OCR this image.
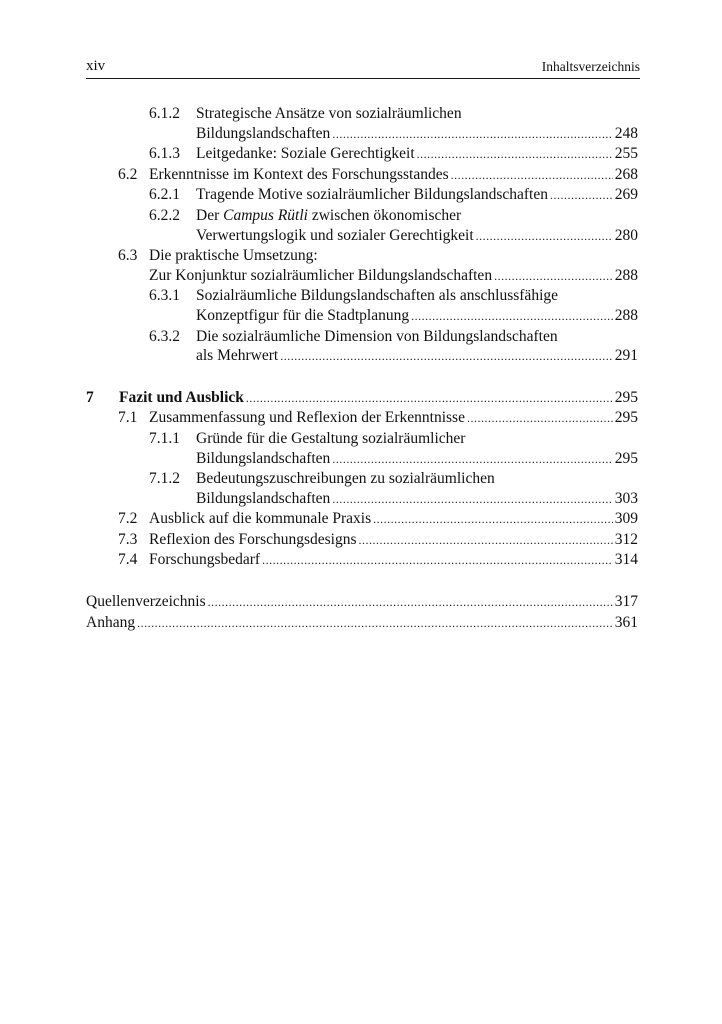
xiv	Inhaltsverzeichnis
6.1.2	Strategische Ansätze von sozialräumlichen
Bildungslandschaften .....	248
6.1.3	Leitgedanke: Soziale Gerechtigkeit .....	255
6.2 Erkenntnisse im Kontext des Forschungsstandes .....	268
6.2.1	Tragende Motive sozialräumlicher Bildungslandschaften .....	269
6.2.2	Der Campus Rütli zwischen ökonomischer
Verwertungslogik und sozialer Gerechtigkeit .....	280
6.3 Die praktische Umsetzung:
Zur Konjunktur sozialräumlicher Bildungslandschaften .....	288
6.3.1	Sozialräumliche Bildungslandschaften als anschlussfähige
Konzeptfigur für die Stadtplanung .....	288
6.3.2	Die sozialräumliche Dimension von Bildungslandschaften
als Mehrwert .....	291
7	Fazit und Ausblick .....	295
7.1 Zusammenfassung und Reflexion der Erkenntnisse .....	295
7.1.1	Gründe für die Gestaltung sozialräumlicher
Bildungslandschaften .....	295
7.1.2	Bedeutungszuschreibungen zu sozialräumlichen
Bildungslandschaften .....	303
7.2 Ausblick auf die kommunale Praxis .....	309
7.3 Reflexion des Forschungsdesigns .....	312
7.4 Forschungsbedarf .....	314
Quellenverzeichnis .....	317
Anhang .....	361
